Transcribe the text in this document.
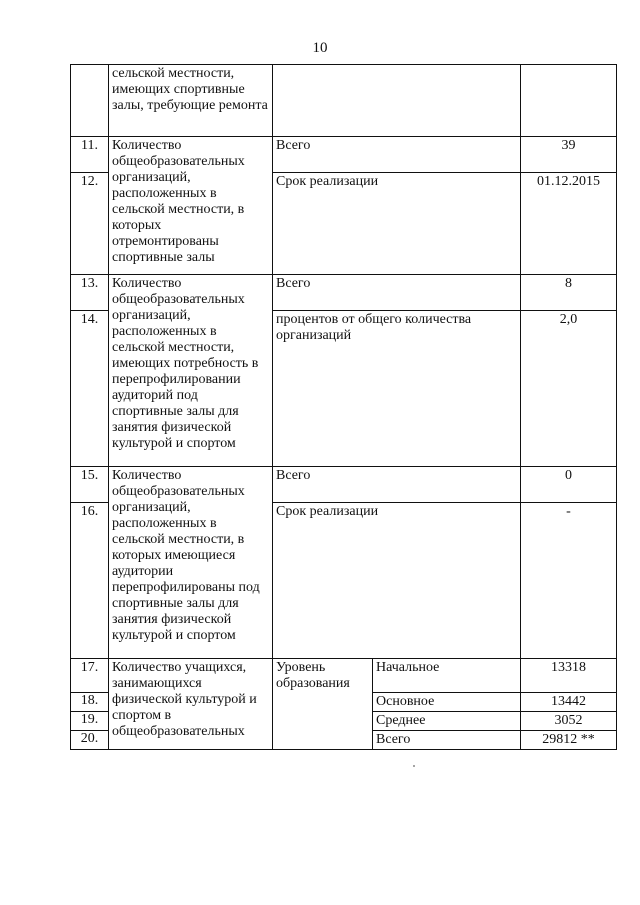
10
	сельской местности, имеющих спортивные залы, требующие ремонта			
11.	Количество общеобразовательных организаций, расположенных в сельской местности, в которых отремонтированы спортивные залы	Всего		39
12.		Срок реализации		01.12.2015
13.	Количество общеобразовательных организаций, расположенных в сельской местности, имеющих потребность в перепрофилировании аудиторий под спортивные залы для занятия физической культурой и спортом	Всего		8
14.		процентов от общего количества организаций		2,0
15.	Количество общеобразовательных организаций, расположенных в сельской местности, в которых имеющиеся аудитории перепрофилированы под спортивные залы для занятия физической культурой и спортом	Всего		0
16.		Срок реализации		-
17.	Количество учащихся, занимающихся физической культурой и спортом в общеобразовательных	Уровень образования	Начальное	13318
18.			Основное	13442
19.			Среднее	3052
20.			Всего	29812 **
